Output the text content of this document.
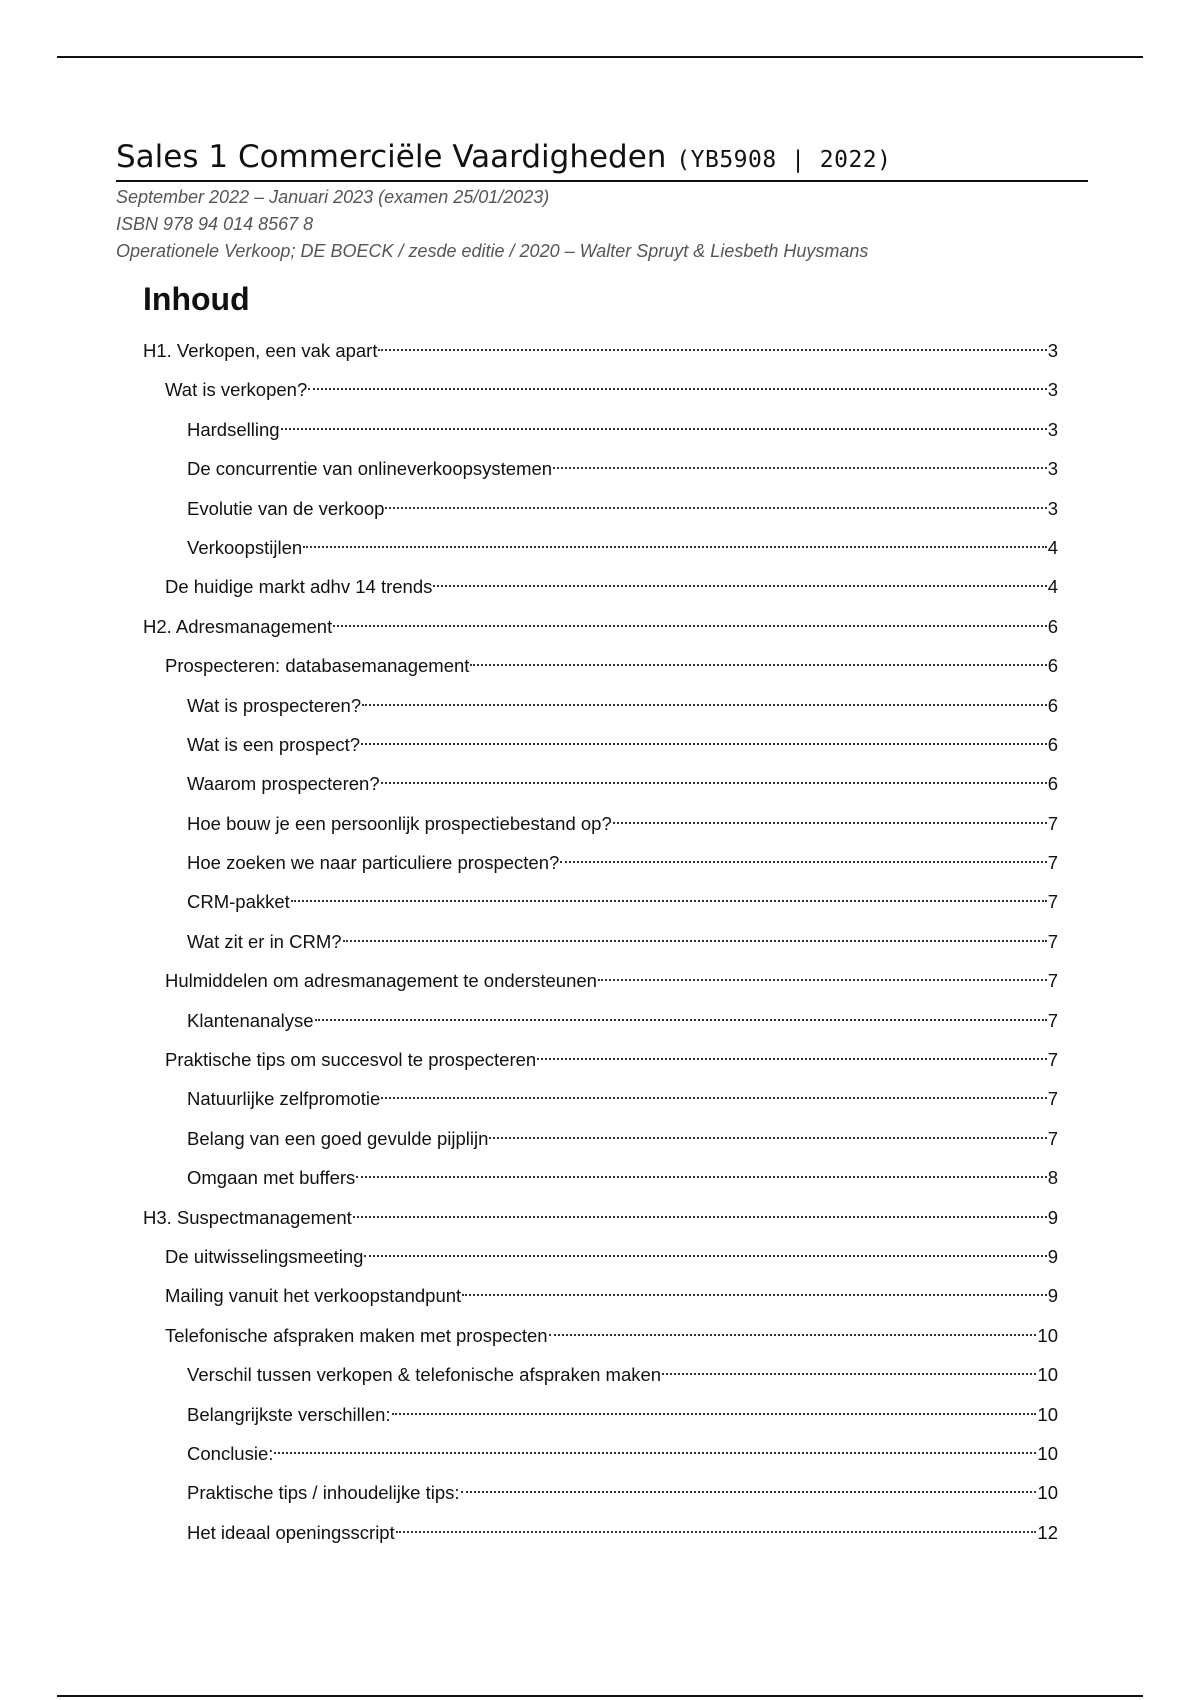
Sales 1 Commerciële Vaardigheden (YB5908 | 2022)
September 2022 – Januari 2023 (examen 25/01/2023)
ISBN 978 94 014 8567 8
Operationele Verkoop; DE BOECK / zesde editie / 2020 – Walter Spruyt & Liesbeth Huysmans
Inhoud
H1. Verkopen, een vak apart	3
Wat is verkopen?	3
Hardselling	3
De concurrentie van onlineverkoopsystemen	3
Evolutie van de verkoop	3
Verkoopstijlen	4
De huidige markt adhv 14 trends	4
H2. Adresmanagement	6
Prospecteren: databasemanagement	6
Wat is prospecteren?	6
Wat is een prospect?	6
Waarom prospecteren?	6
Hoe bouw je een persoonlijk prospectiebestand op?	7
Hoe zoeken we naar particuliere prospecten?	7
CRM-pakket	7
Wat zit er in CRM?	7
Hulmiddelen om adresmanagement te ondersteunen	7
Klantenanalyse	7
Praktische tips om succesvol te prospecteren	7
Natuurlijke zelfpromotie	7
Belang van een goed gevulde pijplijn	7
Omgaan met buffers	8
H3. Suspectmanagement	9
De uitwisselingsmeeting	9
Mailing vanuit het verkoopstandpunt	9
Telefonische afspraken maken met prospecten	10
Verschil tussen verkopen & telefonische afspraken maken	10
Belangrijkste verschillen:	10
Conclusie:	10
Praktische tips / inhoudelijke tips:	10
Het ideaal openingsscript	12
